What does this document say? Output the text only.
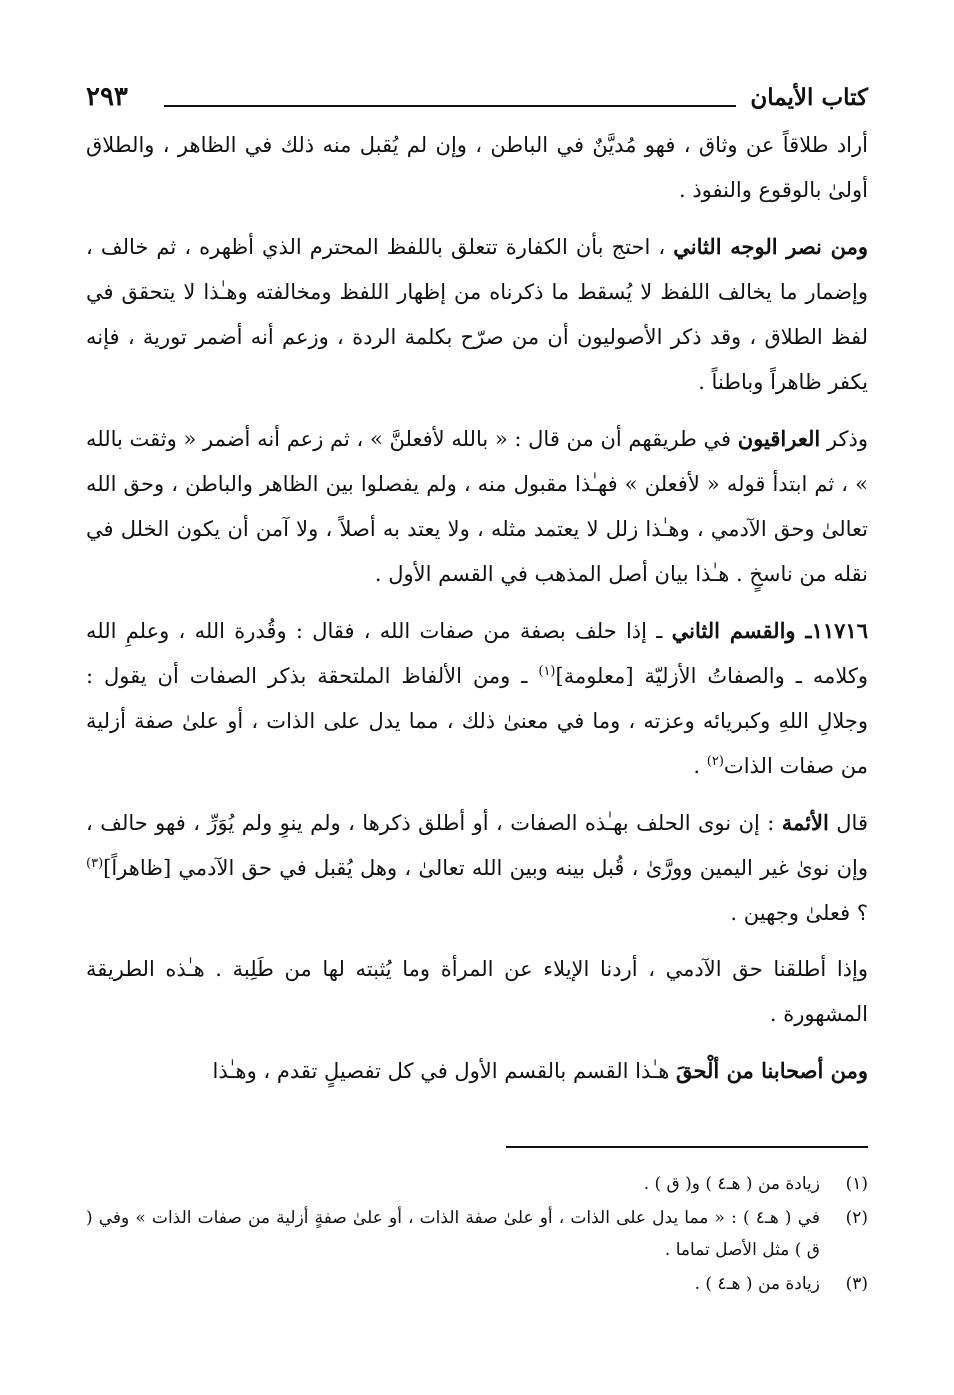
كتاب الأيمان
٢٩٣

أراد طلاقاً عن وثاق ، فهو مُديَّنٌ في الباطن ، وإن لم يُقبل منه ذلك في الظاهر ، والطلاق أولىٰ بالوقوع والنفوذ .

ومن نصر الوجه الثاني ، احتج بأن الكفارة تتعلق باللفظ المحترم الذي أظهره ، ثم خالف ، وإضمار ما يخالف اللفظ لا يُسقط ما ذكرناه من إظهار اللفظ ومخالفته وهـٰذا لا يتحقق في لفظ الطلاق ، وقد ذكر الأصوليون أن من صرّح بكلمة الردة ، وزعم أنه أضمر تورية ، فإنه يكفر ظاهراً وباطناً .

وذكر العراقيون في طريقهم أن من قال : « بالله لأفعلنَّ » ، ثم زعم أنه أضمر « وثقت بالله » ، ثم ابتدأ قوله « لأفعلن » فهـٰذا مقبول منه ، ولم يفصلوا بين الظاهر والباطن ، وحق الله تعالىٰ وحق الآدمي ، وهـٰذا زلل لا يعتمد مثله ، ولا يعتد به أصلاً ، ولا آمن أن يكون الخلل في نقله من ناسخٍ . هـٰذا بيان أصل المذهب في القسم الأول .

١١٧١٦ـ والقسم الثاني ـ إذا حلف بصفة من صفات الله ، فقال : وقُدرة الله ، وعلمِ الله وكلامه ـ والصفاتُ الأزليّة [معلومة]$^{(١)}$ ـ ومن الألفاظ الملتحقة بذكر الصفات أن يقول : وجلالِ اللهِ وكبريائه وعزته ، وما في معنىٰ ذلك ، مما يدل على الذات ، أو علىٰ صفة أزلية من صفات الذات$^{(٢)}$ .

قال الأئمة : إن نوى الحلف بهـٰذه الصفات ، أو أطلق ذكرها ، ولم ينوِ ولم يُوَرِّ ، فهو حالف ، وإن نوىٰ غير اليمين وورَّىٰ ، قُبل بينه وبين الله تعالىٰ ، وهل يُقبل في حق الآدمي [ظاهراً]$^{(٣)}$ ؟ فعلىٰ وجهين .

وإذا أطلقنا حق الآدمي ، أردنا الإيلاء عن المرأة وما يُثبته لها من طَلِبة . هـٰذه الطريقة المشهورة .

ومن أصحابنا من ألْحقَ هـٰذا القسم بالقسم الأول في كل تفصيلٍ تقدم ، وهـٰذا

(١)
زيادة من ( هـ٤ ) و( ق ) .
(٢)
في ( هـ٤ ) : « مما يدل على الذات ، أو علىٰ صفة الذات ، أو علىٰ صفةٍ أزلية من صفات الذات » وفي ( ق ) مثل الأصل تماما .
(٣)
زيادة من ( هـ٤ ) .
